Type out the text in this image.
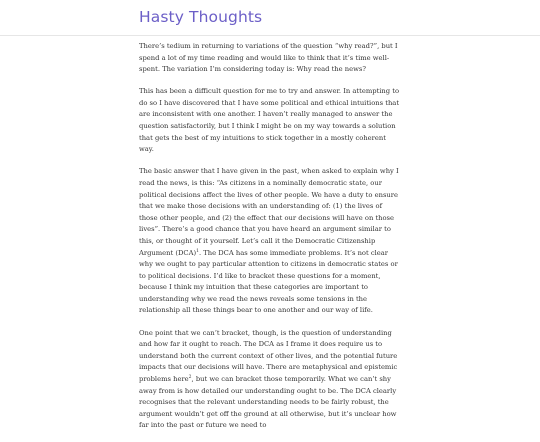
Hasty Thoughts

There’s tedium in returning to variations of the question “why read?”, but I spend a lot of my time reading and would like to think that it’s time well-spent. The variation I’m considering today is: Why read the news?

This has been a difficult question for me to try and answer. In attempting to do so I have discovered that I have some political and ethical intuitions that are inconsistent with one another. I haven’t really managed to answer the question satisfactorily, but I think I might be on my way towards a solution that gets the best of my intuitions to stick together in a mostly coherent way.

The basic answer that I have given in the past, when asked to explain why I read the news, is this: “As citizens in a nominally democratic state, our political decisions affect the lives of other people. We have a duty to ensure that we make those decisions with an understanding of: (1) the lives of those other people, and (2) the effect that our decisions will have on those lives”. There’s a good chance that you have heard an argument similar to this, or thought of it yourself. Let’s call it the Democratic Citizenship Argument (DCA)$^1$. The DCA has some immediate problems. It’s not clear why we ought to pay particular attention to citizens in democratic states or to political decisions. I’d like to bracket these questions for a moment, because I think my intuition that these categories are important to understanding why we read the news reveals some tensions in the relationship all these things bear to one another and our way of life.

One point that we can’t bracket, though, is the question of understanding and how far it ought to reach. The DCA as I frame it does require us to understand both the current context of other lives, and the potential future impacts that our decisions will have. There are metaphysical and epistemic problems here$^2$, but we can bracket those temporarily. What we can’t shy away from is how detailed our understanding ought to be. The DCA clearly recognises that the relevant understanding needs to be fairly robust, the argument wouldn’t get off the ground at all otherwise, but it’s unclear how far into the past or future we need to
